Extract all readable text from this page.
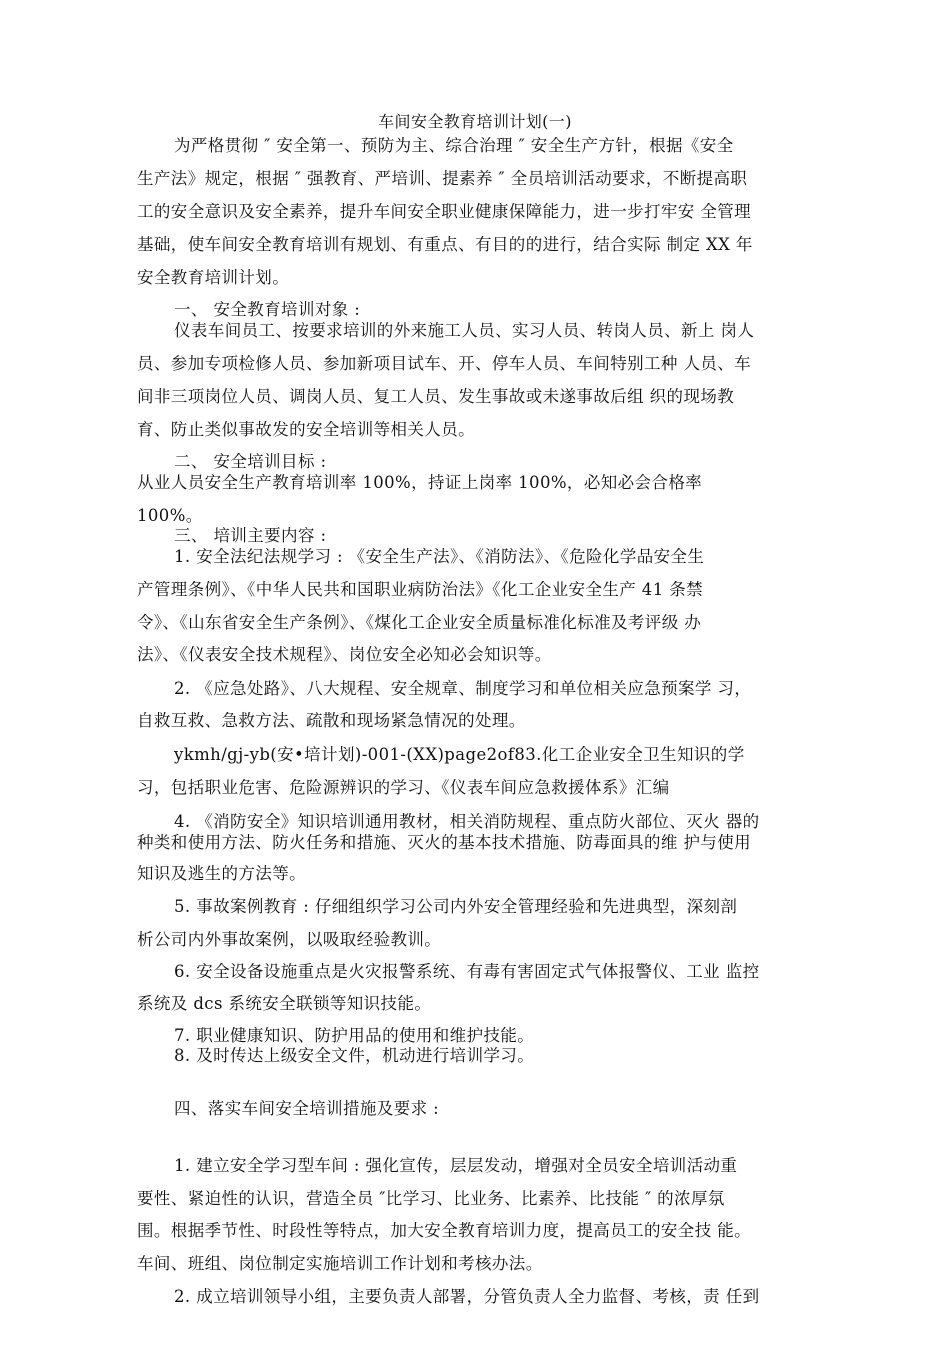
车间安全教育培训计划(一)
为严格贯彻 ″ 安全第一、预防为主、综合治理 ″ 安全生产方针，根据《安全
生产法》规定，根据 ″ 强教育、严培训、提素养 ″ 全员培训活动要求，不断提高职
工的安全意识及安全素养，提升车间安全职业健康保障能力，进一步打牢安 全管理
基础，使车间安全教育培训有规划、有重点、有目的的进行，结合实际 制定 XX 年
安全教育培训计划。
一、 安全教育培训对象 :
仪表车间员工、按要求培训的外来施工人员、实习人员、转岗人员、新上 岗人
员、参加专项检修人员、参加新项目试车、开、停车人员、车间特别工种 人员、车
间非三项岗位人员、调岗人员、复工人员、发生事故或未遂事故后组 织的现场教
育、防止类似事故发的安全培训等相关人员。
二、 安全培训目标 :
从业人员安全生产教育培训率 100%，持证上岗率 100%，必知必会合格率
100%。
三、 培训主要内容 :
1. 安全法纪法规学习 : 《安全生产法》、《消防法》、《危险化学品安全生
产管理条例》、《中华人民共和国职业病防治法》《化工企业安全生产 41 条禁
令》、《山东省安全生产条例》、《煤化工企业安全质量标准化标准及考评级 办
法》、《仪表安全技术规程》、岗位安全必知必会知识等。
2. 《应急处路》、八大规程、安全规章、制度学习和单位相关应急预案学 习，
自救互救、急救方法、疏散和现场紧急情况的处理。
ykmh/gj-yb(安•培计划)-001-(XX)page2of83.化工企业安全卫生知识的学
习，包括职业危害、危险源辨识的学习、《仪表车间应急救援体系》汇编
4. 《消防安全》知识培训通用教材，相关消防规程、重点防火部位、灭火 器的
种类和使用方法、防火任务和措施、灭火的基本技术措施、防毒面具的维 护与使用
知识及逃生的方法等。
5. 事故案例教育 : 仔细组织学习公司内外安全管理经验和先进典型，深刻剖
析公司内外事故案例，以吸取经验教训。
6. 安全设备设施重点是火灾报警系统、有毒有害固定式气体报警仪、工业 监控
系统及 dcs 系统安全联锁等知识技能。
7. 职业健康知识、防护用品的使用和维护技能。
8. 及时传达上级安全文件，机动进行培训学习。
四、落实车间安全培训措施及要求 :
1. 建立安全学习型车间 : 强化宣传，层层发动，增强对全员安全培训活动重
要性、紧迫性的认识，营造全员 ″比学习、比业务、比素养、比技能 ″ 的浓厚氛
围。根据季节性、时段性等特点，加大安全教育培训力度，提高员工的安全技 能。
车间、班组、岗位制定实施培训工作计划和考核办法。
2. 成立培训领导小组，主要负责人部署，分管负责人全力监督、考核，责 任到
